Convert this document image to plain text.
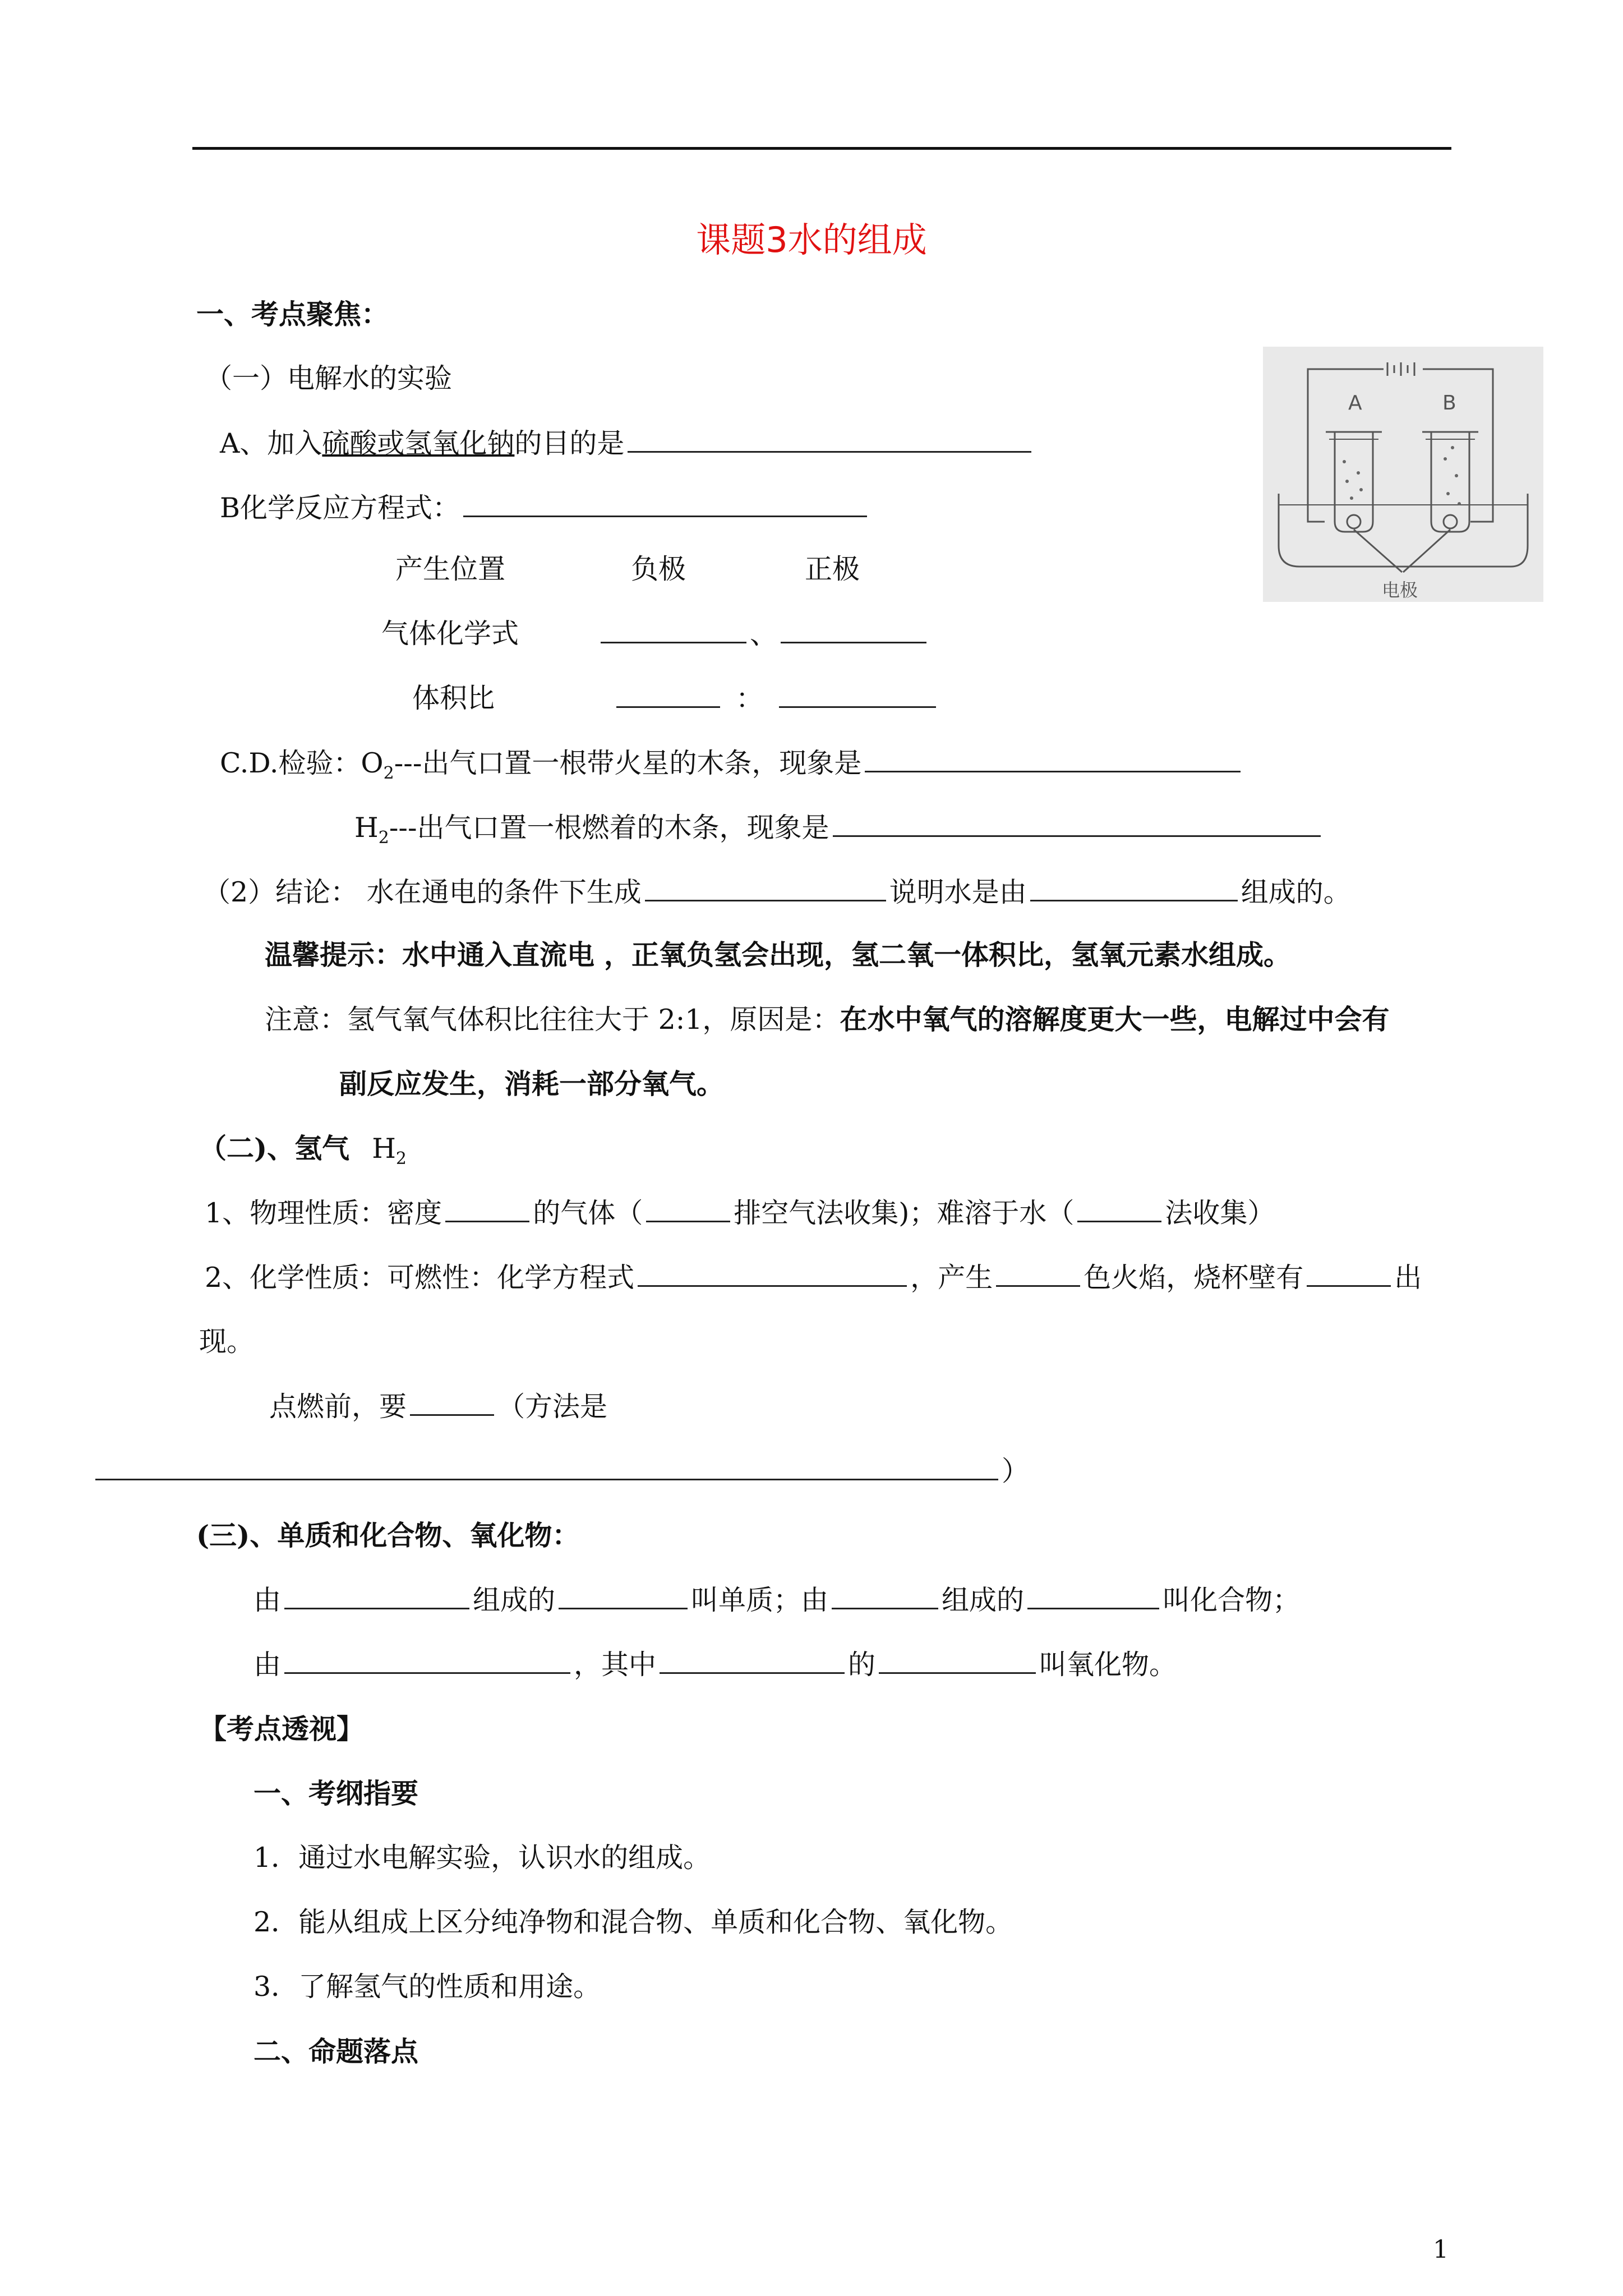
课题3水的组成
一、考点聚焦：
（一）电解水的实验
A、加入硫酸或氢氧化钠的目的是
B化学反应方程式：
产生位置	负极	正极
气体化学式	、
体积比	：
C.D.检验：$O_2---$出气口置一根带火星的木条，现象是
$H_2---$出气口置一根燃着的木条，现象是
（2）结论： 水在通电的条件下生成	说明水是由	组成的。
温馨提示：水中通入直流电 ，正氧负氢会出现，氢二氧一体积比，氢氧元素水组成。
注意：氢气氧气体积比往往大于 2:1，原因是：在水中氧气的溶解度更大一些，电解过中会有
副反应发生，消耗一部分氧气。
（二)、氢气 $H_2$
1、物理性质：密度	的气体（	排空气法收集)；难溶于水（	法收集）
2、化学性质：可燃性：化学方程式	，产生	色火焰，烧杯壁有	出
现。
点燃前，要	（方法是
）
(三)、单质和化合物、氧化物：
由	组成的	叫单质；由	组成的	叫化合物；
由	，其中	的	叫氧化物。
【考点透视】
一、考纲指要
1．通过水电解实验，认识水的组成。
2．能从组成上区分纯净物和混合物、单质和化合物、氧化物。
3．了解氢气的性质和用途。
二、命题落点
A	B
电极
1
